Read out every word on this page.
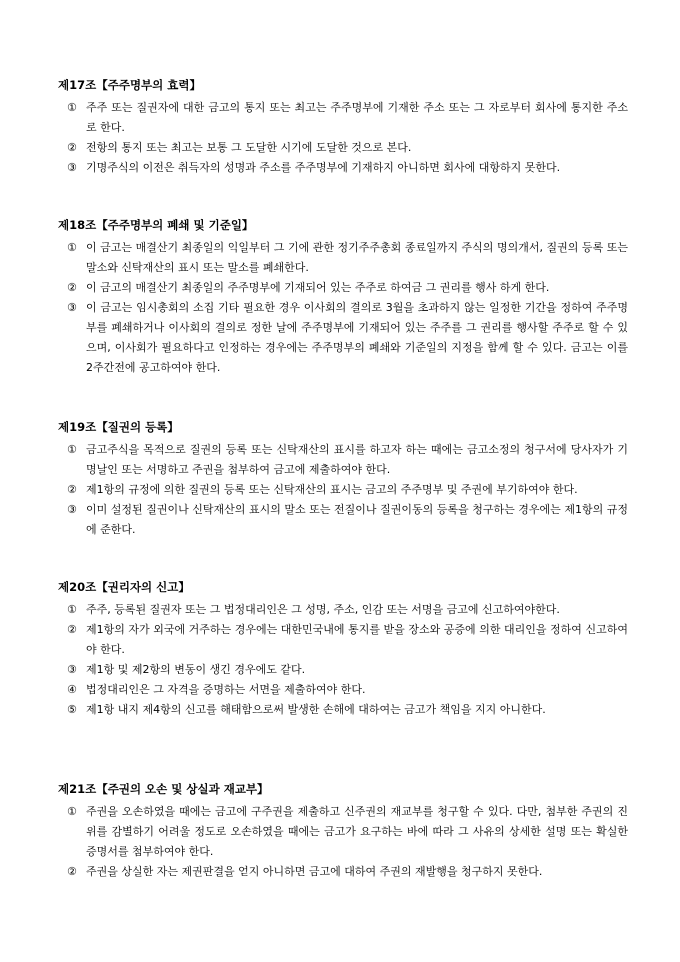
제17조【주주명부의 효력】

① 주주 또는 질권자에 대한 금고의 통지 또는 최고는 주주명부에 기재한 주소 또는 그 자로부터 회사에 통지한 주소로 한다.

② 전항의 통지 또는 최고는 보통 그 도달한 시기에 도달한 것으로 본다.

③ 기명주식의 이전은 취득자의 성명과 주소를 주주명부에 기재하지 아니하면 회사에 대항하지 못한다.

제18조【주주명부의 폐쇄 및 기준일】

① 이 금고는 매결산기 최종일의 익일부터 그 기에 관한 정기주주총회 종료일까지 주식의 명의개서, 질권의 등록 또는 말소와 신탁재산의 표시 또는 말소를 폐쇄한다.

② 이 금고의 매결산기 최종일의 주주명부에 기재되어 있는 주주로 하여금 그 권리를 행사 하게 한다.

③ 이 금고는 임시총회의 소집 기타 필요한 경우 이사회의 결의로 3월을 초과하지 않는 일정한 기간을 정하여 주주명부를 폐쇄하거나 이사회의 결의로 정한 날에 주주명부에 기재되어 있는 주주를 그 권리를 행사할 주주로 할 수 있으며, 이사회가 필요하다고 인정하는 경우에는 주주명부의 폐쇄와 기준일의 지정을 함께 할 수 있다. 금고는 이를 2주간전에 공고하여야 한다.

제19조【질권의 등록】

① 금고주식을 목적으로 질권의 등록 또는 신탁재산의 표시를 하고자 하는 때에는 금고소정의 청구서에 당사자가 기명날인 또는 서명하고 주권을 첨부하여 금고에 제출하여야 한다.

② 제1항의 규정에 의한 질권의 등록 또는 신탁재산의 표시는 금고의 주주명부 및 주권에 부기하여야 한다.

③ 이미 설정된 질권이나 신탁재산의 표시의 말소 또는 전질이나 질권이동의 등록을 청구하는 경우에는 제1항의 규정에 준한다.

제20조【권리자의 신고】

① 주주, 등록된 질권자 또는 그 법정대리인은 그 성명, 주소, 인감 또는 서명을 금고에 신고하여야한다.

② 제1항의 자가 외국에 거주하는 경우에는 대한민국내에 통지를 받을 장소와 공증에 의한 대리인을 정하여 신고하여야 한다.

③ 제1항 및 제2항의 변동이 생긴 경우에도 같다.

④ 법정대리인은 그 자격을 증명하는 서면을 제출하여야 한다.

⑤ 제1항 내지 제4항의 신고를 해태함으로써 발생한 손해에 대하여는 금고가 책임을 지지 아니한다.

제21조【주권의 오손 및 상실과 재교부】

① 주권을 오손하였을 때에는 금고에 구주권을 제출하고 신주권의 재교부를 청구할 수 있다. 다만, 첨부한 주권의 진위를 감별하기 어려울 정도로 오손하였을 때에는 금고가 요구하는 바에 따라 그 사유의 상세한 설명 또는 확실한 증명서를 첨부하여야 한다.

② 주권을 상실한 자는 제권판결을 얻지 아니하면 금고에 대하여 주권의 재발행을 청구하지 못한다.
